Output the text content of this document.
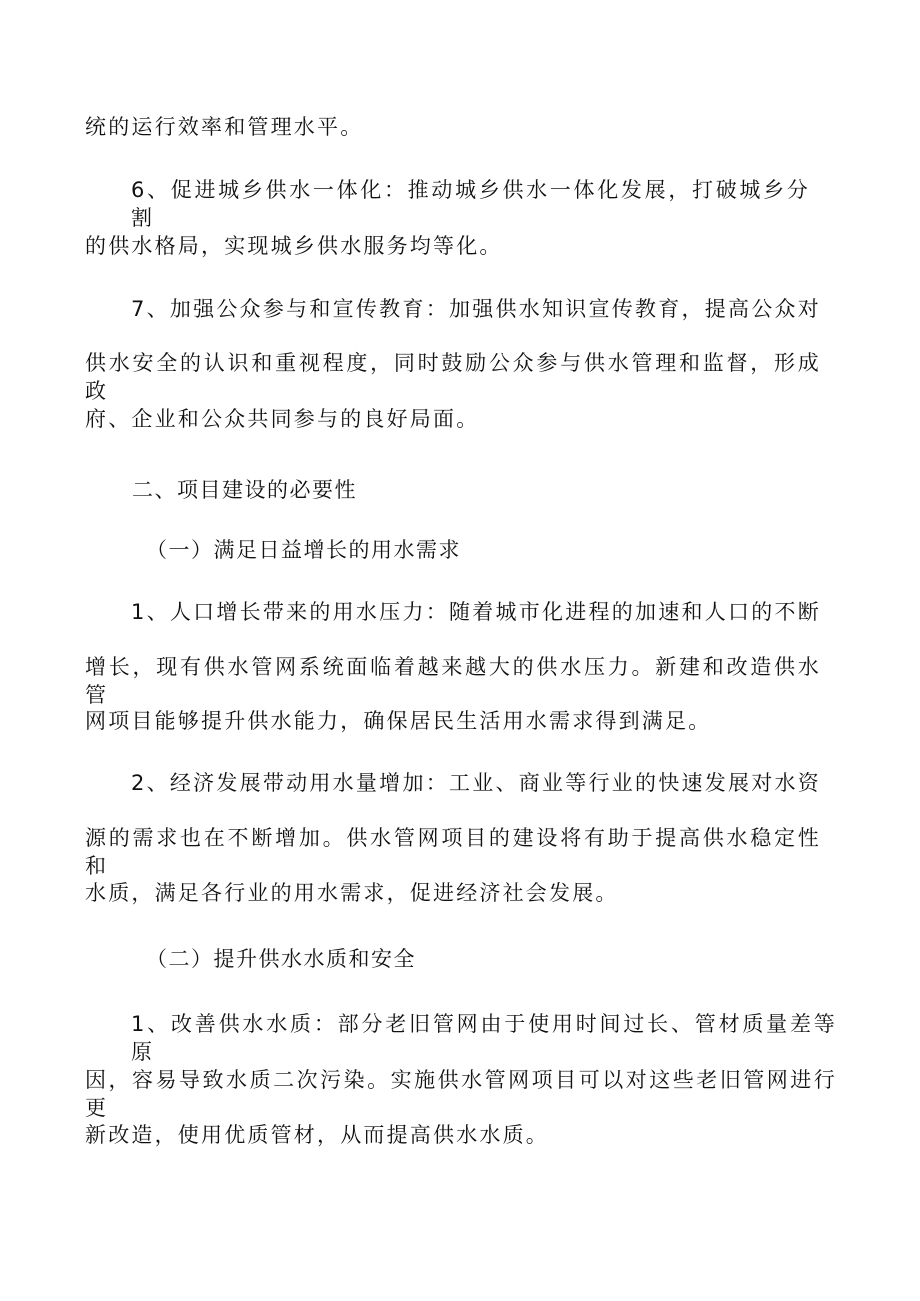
统的运行效率和管理水平。
6、促进城乡供水一体化：推动城乡供水一体化发展，打破城乡分割
的供水格局，实现城乡供水服务均等化。
7、加强公众参与和宣传教育：加强供水知识宣传教育，提高公众对
供水安全的认识和重视程度，同时鼓励公众参与供水管理和监督，形成政
府、企业和公众共同参与的良好局面。
二、项目建设的必要性
（一）满足日益增长的用水需求
1、人口增长带来的用水压力：随着城市化进程的加速和人口的不断
增长，现有供水管网系统面临着越来越大的供水压力。新建和改造供水管
网项目能够提升供水能力，确保居民生活用水需求得到满足。
2、经济发展带动用水量增加：工业、商业等行业的快速发展对水资
源的需求也在不断增加。供水管网项目的建设将有助于提高供水稳定性和
水质，满足各行业的用水需求，促进经济社会发展。
（二）提升供水水质和安全
1、改善供水水质：部分老旧管网由于使用时间过长、管材质量差等原
因，容易导致水质二次污染。实施供水管网项目可以对这些老旧管网进行更
新改造，使用优质管材，从而提高供水水质。
